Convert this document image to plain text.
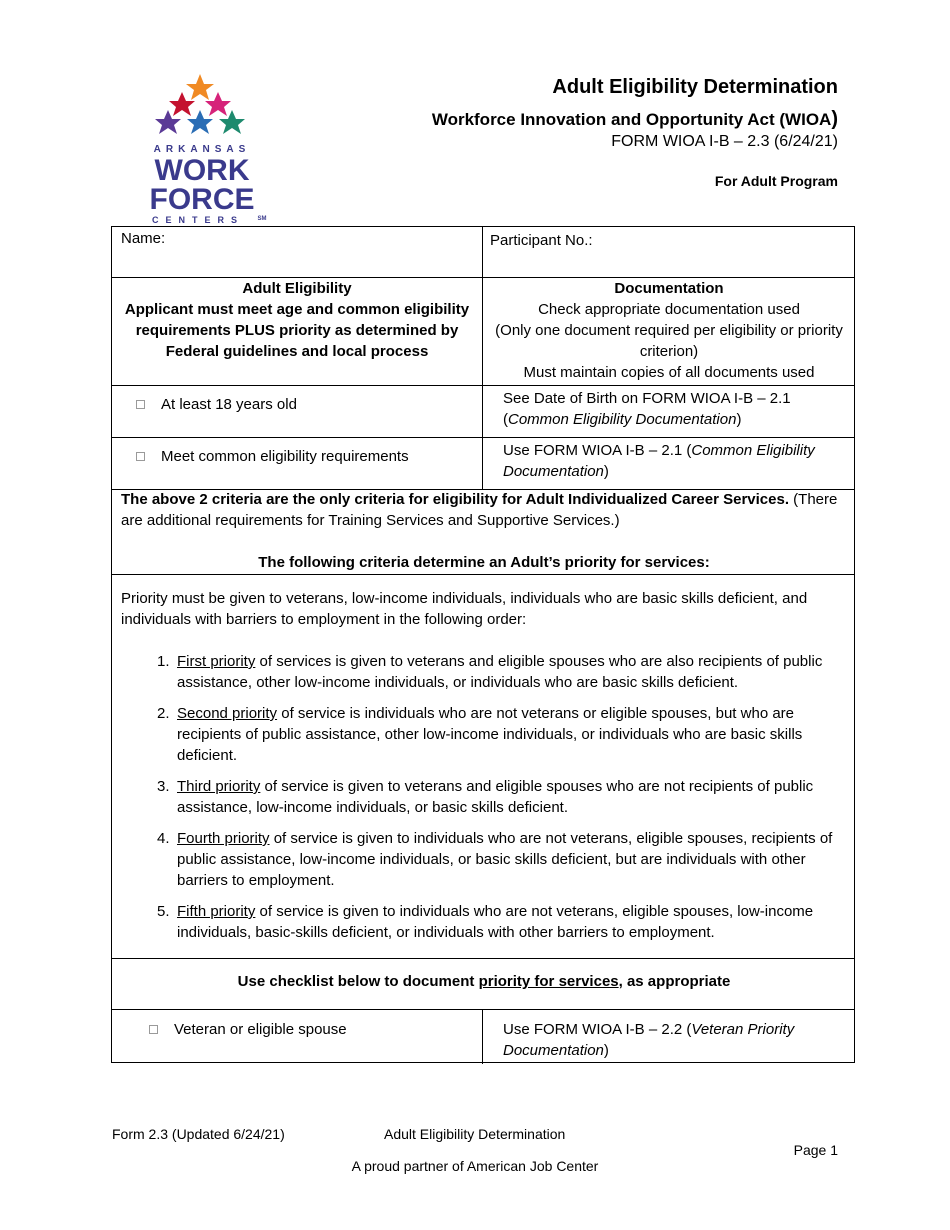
ARKANSAS
WORK
FORCE
CENTERS SM
Adult Eligibility Determination
Workforce Innovation and Opportunity Act (WIOA)
FORM WIOA I-B – 2.3 (6/24/21)
For Adult Program
Name:	Participant No.:
Adult Eligibility
Applicant must meet age and common eligibility requirements PLUS priority as determined by Federal guidelines and local process
Documentation
Check appropriate documentation used
(Only one document required per eligibility or priority criterion)
Must maintain copies of all documents used
At least 18 years old	See Date of Birth on FORM WIOA I-B – 2.1 (Common Eligibility Documentation)
Meet common eligibility requirements	Use FORM WIOA I-B – 2.1 (Common Eligibility Documentation)
The above 2 criteria are the only criteria for eligibility for Adult Individualized Career Services. (There are additional requirements for Training Services and Supportive Services.)
The following criteria determine an Adult’s priority for services:
Priority must be given to veterans, low-income individuals, individuals who are basic skills deficient, and individuals with barriers to employment in the following order:
1. First priority of services is given to veterans and eligible spouses who are also recipients of public assistance, other low-income individuals, or individuals who are basic skills deficient.
2. Second priority of service is individuals who are not veterans or eligible spouses, but who are recipients of public assistance, other low-income individuals, or individuals who are basic skills deficient.
3. Third priority of service is given to veterans and eligible spouses who are not recipients of public assistance, low-income individuals, or basic skills deficient.
4. Fourth priority of service is given to individuals who are not veterans, eligible spouses, recipients of public assistance, low-income individuals, or basic skills deficient, but are individuals with other barriers to employment.
5. Fifth priority of service is given to individuals who are not veterans, eligible spouses, low-income individuals, basic-skills deficient, or individuals with other barriers to employment.
Use checklist below to document priority for services, as appropriate
Veteran or eligible spouse	Use FORM WIOA I-B – 2.2 (Veteran Priority Documentation)
Form 2.3 (Updated 6/24/21)	Adult Eligibility Determination
Page 1
A proud partner of American Job Center
